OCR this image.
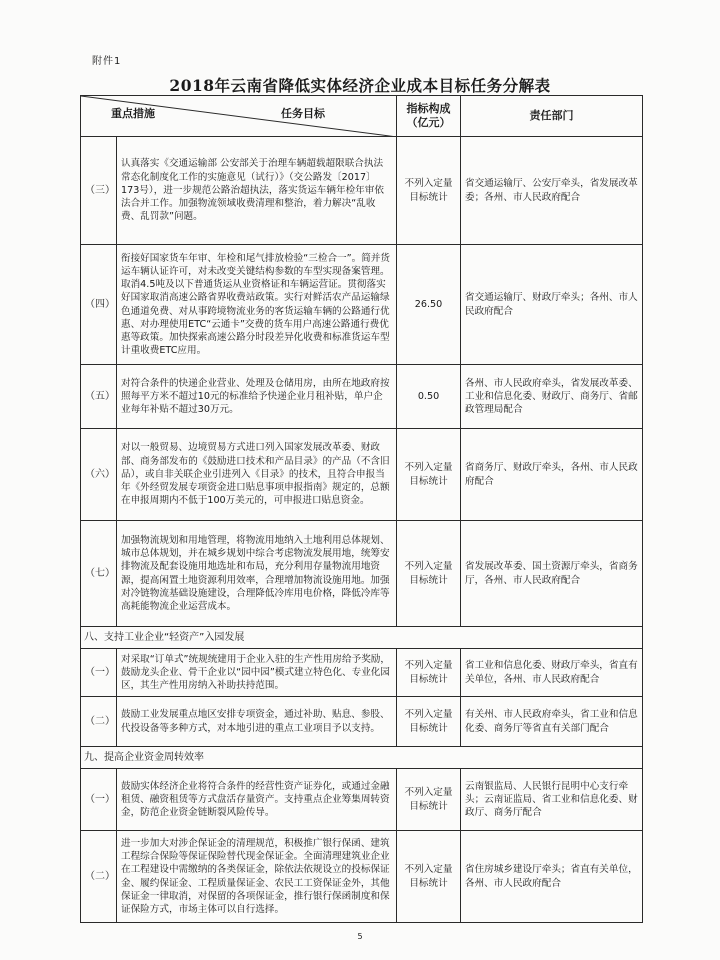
附件1
2018年云南省降低实体经济企业成本目标任务分解表
重点措施 任务目标		指标构成
（亿元）	责任部门
（三）	认真落实《交通运输部 公安部关于治理车辆超载超限联合执法常态化制度化工作的实施意见（试行）》（交公路发〔2017〕173号），进一步规范公路治超执法，落实货运车辆年检年审依法合并工作。加强物流领域收费清理和整治，着力解决“乱收费、乱罚款”问题。	不列入定量目标统计	省交通运输厅、公安厅牵头，省发展改革委；各州、市人民政府配合
（四）	衔接好国家货车年审、年检和尾气排放检验“三检合一”。简并货运车辆认证许可，对未改变关键结构参数的车型实现备案管理。取消4.5吨及以下普通货运从业资格证和车辆运营证。贯彻落实好国家取消高速公路省界收费站政策。实行对鲜活农产品运输绿色通道免费、对从事跨境物流业务的客货运输车辆的公路通行优惠、对办理使用ETC“云通卡”交费的货车用户高速公路通行费优惠等政策。加快探索高速公路分时段差异化收费和标准货运车型计重收费ETC应用。	26.50	省交通运输厅、财政厅牵头；各州、市人民政府配合
（五）	对符合条件的快递企业营业、处理及仓储用房，由所在地政府按照每平方米不超过10元的标准给予快递企业月租补贴，单户企业每年补贴不超过30万元。	0.50	各州、市人民政府牵头，省发展改革委、工业和信息化委、财政厅、商务厅、省邮政管理局配合
（六）	对以一般贸易、边境贸易方式进口列入国家发展改革委、财政部、商务部发布的《鼓励进口技术和产品目录》的产品（不含旧品），或自非关联企业引进列入《目录》的技术，且符合申报当年《外经贸发展专项资金进口贴息事项申报指南》规定的，总额在申报周期内不低于100万美元的，可申报进口贴息资金。	不列入定量目标统计	省商务厅、财政厅牵头，各州、市人民政府配合
（七）	加强物流规划和用地管理，将物流用地纳入土地利用总体规划、城市总体规划，并在城乡规划中综合考虑物流发展用地，统筹安排物流及配套设施用地选址和布局，充分利用存量物流用地资源，提高闲置土地资源利用效率，合理增加物流设施用地。加强对冷链物流基础设施建设，合理降低冷库用电价格，降低冷库等高耗能物流企业运营成本。	不列入定量目标统计	省发展改革委、国土资源厅牵头，省商务厅，各州、市人民政府配合
八、支持工业企业“轻资产”入园发展			
（一）	对采取“订单式”统规统建用于企业入驻的生产性用房给予奖励，鼓励龙头企业、骨干企业以“园中园”模式建立特色化、专业化园区，其生产性用房纳入补助扶持范围。	不列入定量目标统计	省工业和信息化委、财政厅牵头，省直有关单位，各州、市人民政府配合
（二）	鼓励工业发展重点地区安排专项资金，通过补助、贴息、参股、代投设备等多种方式，对本地引进的重点工业项目予以支持。	不列入定量目标统计	有关州、市人民政府牵头，省工业和信息化委、商务厅等省直有关部门配合
九、提高企业资金周转效率			
（一）	鼓励实体经济企业将符合条件的经营性资产证券化，或通过金融租赁、融资租赁等方式盘活存量资产。支持重点企业筹集周转资金，防范企业资金链断裂风险传导。	不列入定量目标统计	云南银监局、人民银行昆明中心支行牵头；云南证监局、省工业和信息化委、财政厅、商务厅配合
（二）	进一步加大对涉企保证金的清理规范，积极推广银行保函、建筑工程综合保险等保证保险替代现金保证金。全面清理建筑业企业在工程建设中需缴纳的各类保证金，除依法依规设立的投标保证金、履约保证金、工程质量保证金、农民工工资保证金外，其他保证金一律取消，对保留的各项保证金，推行银行保函制度和保证保险方式，市场主体可以自行选择。	不列入定量目标统计	省住房城乡建设厅牵头；省直有关单位，各州、市人民政府配合
5
